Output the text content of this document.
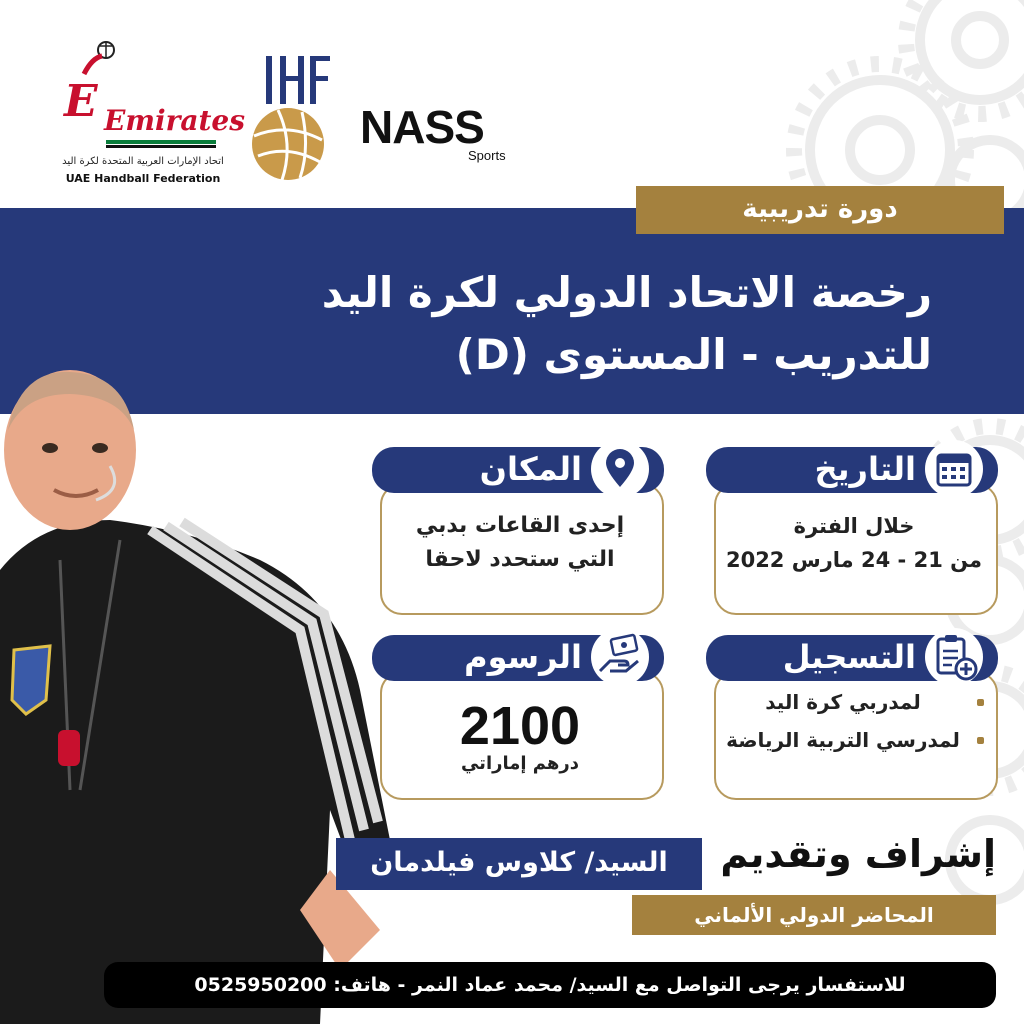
E Emirates
اتحاد الإمارات العربية المتحدة لكرة اليد
UAE Handball Federation
NASS
Sports
دورة تدريبية
رخصة الاتحاد الدولي لكرة اليد
للتدريب - المستوى (D)
التاريخ
خلال الفترة
من 21 - 24 مارس 2022
المكان
إحدى القاعات بدبي
التي ستحدد لاحقا
التسجيل
لمدربي كرة اليد
لمدرسي التربية الرياضة
الرسوم
2100
درهم إماراتي
إشراف وتقديم
السيد/ كلاوس فيلدمان
المحاضر الدولي الألماني
للاستفسار يرجى التواصل مع السيد/ محمد عماد النمر - هاتف: 0525950200
